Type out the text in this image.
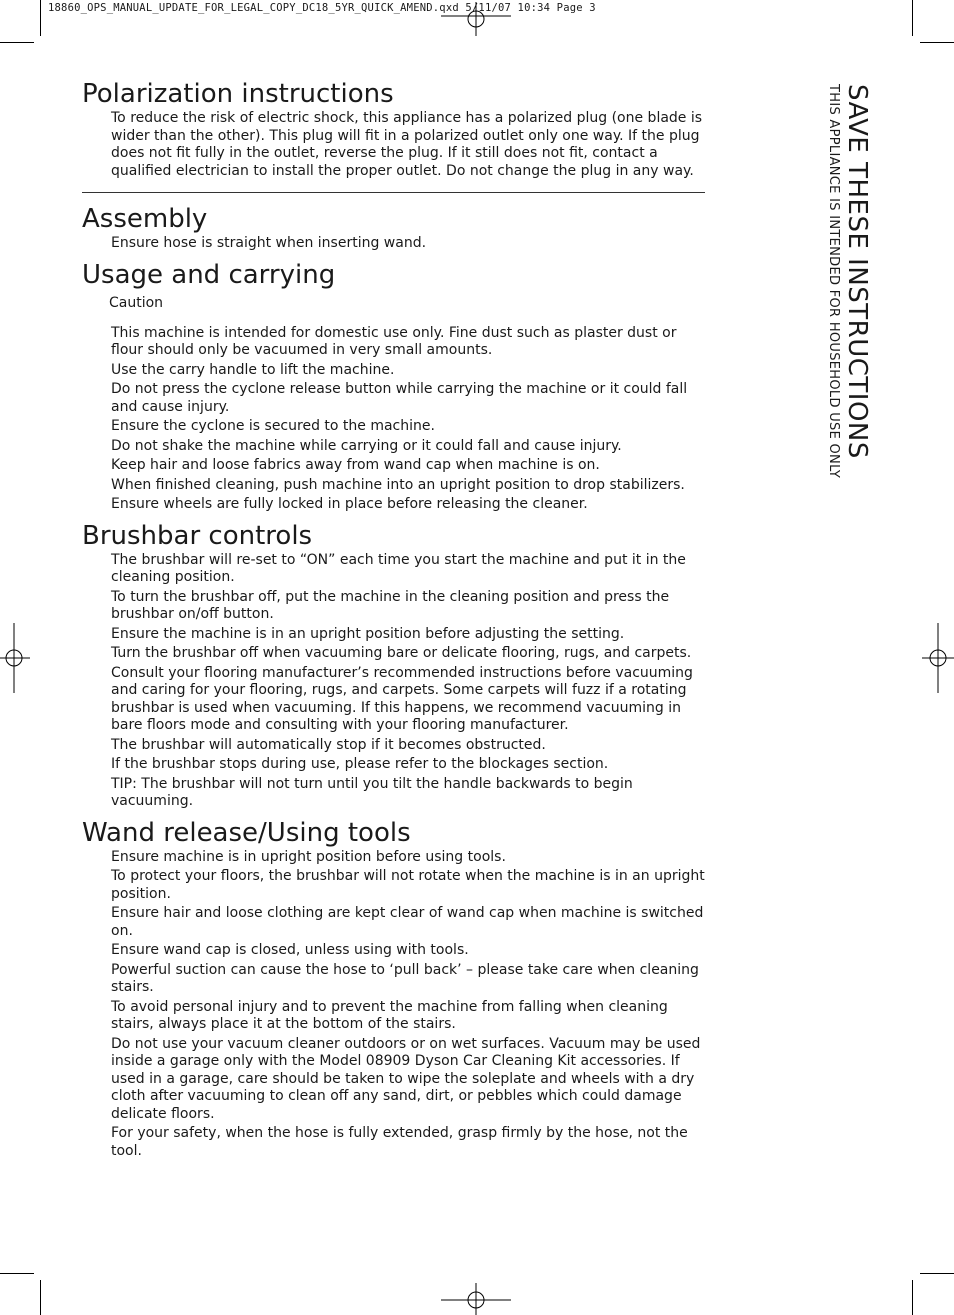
18860_OPS_MANUAL_UPDATE_FOR_LEGAL_COPY_DC18_5YR_QUICK_AMEND.qxd 5/11/07 10:34 Page 3
SAVE THESE INSTRUCTIONS
THIS APPLIANCE IS INTENDED FOR HOUSEHOLD USE ONLY
Polarization instructions

To reduce the risk of electric shock, this appliance has a polarized plug (one blade is wider than the other). This plug will fit in a polarized outlet only one way. If the plug does not fit fully in the outlet, reverse the plug. If it still does not fit, contact a qualified electrician to install the proper outlet. Do not change the plug in any way.

Assembly

Ensure hose is straight when inserting wand.

Usage and carrying

Caution

This machine is intended for domestic use only. Fine dust such as plaster dust or flour should only be vacuumed in very small amounts.

Use the carry handle to lift the machine.

Do not press the cyclone release button while carrying the machine or it could fall and cause injury.

Ensure the cyclone is secured to the machine.

Do not shake the machine while carrying or it could fall and cause injury.

Keep hair and loose fabrics away from wand cap when machine is on.

When finished cleaning, push machine into an upright position to drop stabilizers.

Ensure wheels are fully locked in place before releasing the cleaner.

Brushbar controls

The brushbar will re-set to “ON” each time you start the machine and put it in the cleaning position.

To turn the brushbar off, put the machine in the cleaning position and press the brushbar on/off button.

Ensure the machine is in an upright position before adjusting the setting.

Turn the brushbar off when vacuuming bare or delicate flooring, rugs, and carpets.

Consult your flooring manufacturer’s recommended instructions before vacuuming and caring for your flooring, rugs, and carpets. Some carpets will fuzz if a rotating brushbar is used when vacuuming. If this happens, we recommend vacuuming in bare floors mode and consulting with your flooring manufacturer.

The brushbar will automatically stop if it becomes obstructed.

If the brushbar stops during use, please refer to the blockages section.

TIP: The brushbar will not turn until you tilt the handle backwards to begin vacuuming.

Wand release/Using tools

Ensure machine is in upright position before using tools.

To protect your floors, the brushbar will not rotate when the machine is in an upright position.

Ensure hair and loose clothing are kept clear of wand cap when machine is switched on.

Ensure wand cap is closed, unless using with tools.

Powerful suction can cause the hose to ‘pull back’ – please take care when cleaning stairs.

To avoid personal injury and to prevent the machine from falling when cleaning stairs, always place it at the bottom of the stairs.

Do not use your vacuum cleaner outdoors or on wet surfaces. Vacuum may be used inside a garage only with the Model 08909 Dyson Car Cleaning Kit accessories. If used in a garage, care should be taken to wipe the soleplate and wheels with a dry cloth after vacuuming to clean off any sand, dirt, or pebbles which could damage delicate floors.

For your safety, when the hose is fully extended, grasp firmly by the hose, not the tool.
